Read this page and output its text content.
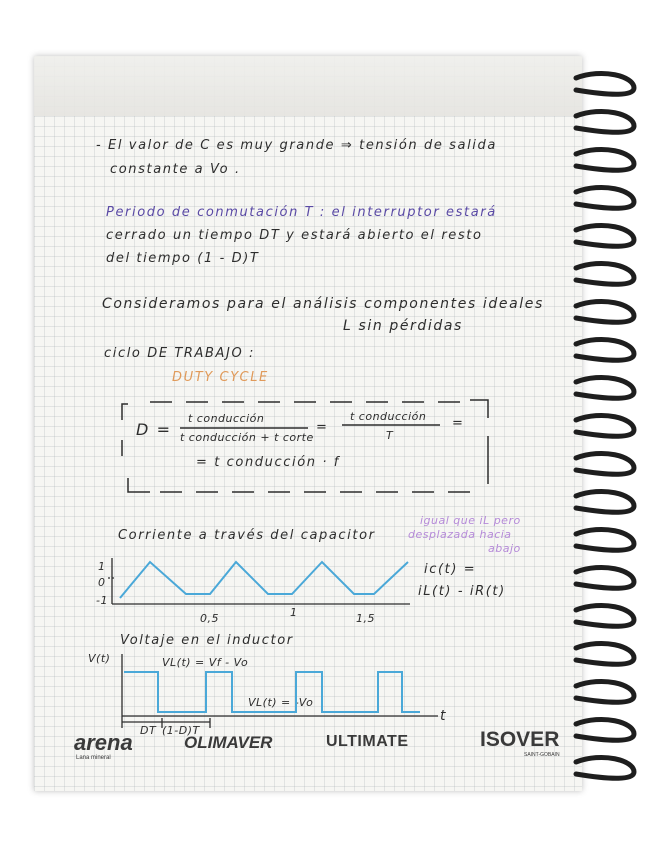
- El valor de C es muy grande ⇒ tensión de salida
constante a Vo .
Periodo de conmutación T : el interruptor estará
cerrado un tiempo DT y estará abierto el resto
del tiempo (1 - D)T
Consideramos para el análisis componentes ideales
L sin pérdidas
ciclo DE TRABAJO :
DUTY CYCLE
D =
t conducción
t conducción + t corte
=
t conducción
T
=
= t conducción · f
Corriente a través del capacitor
igual que iL pero
desplazada hacia
abajo
ic(t) =
iL(t) - iR(t)
1
0
-1
0,5	1	1,5
Voltaje en el inductor
V(t)	VL(t) = Vf - Vo
VL(t) = -Vo
t
DT (1-D)T
arena
Lana mineral
OLIMAVER	ULTIMATE	ISOVER
SAINT-GOBAIN
